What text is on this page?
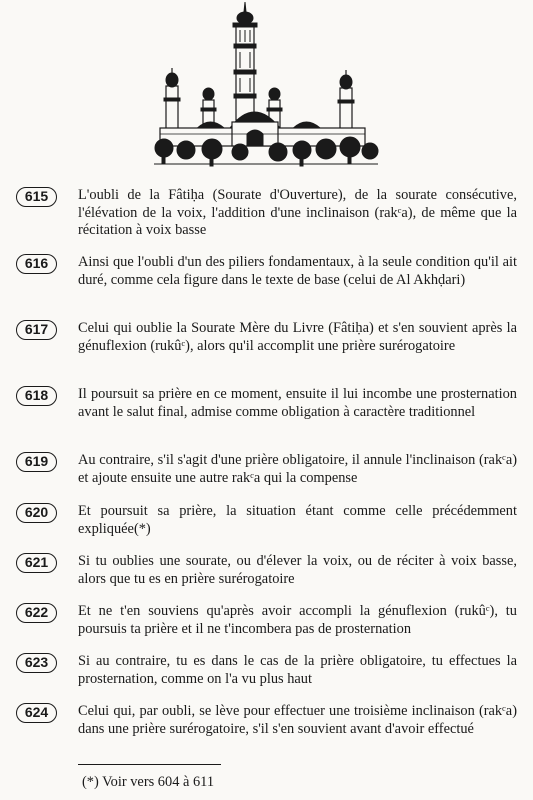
615	L'oubli de la Fâtiḥa (Sourate d'Ouverture), de la sourate consécutive, l'élévation de la voix, l'addition d'une inclinaison (rakᶜa), de même que la récitation à voix basse

616	Ainsi que l'oubli d'un des piliers fondamentaux, à la seule condition qu'il ait duré, comme cela figure dans le texte de base (celui de Al Akhḍari)

617	Celui qui oublie la Sourate Mère du Livre (Fâtiḥa) et s'en souvient après la génuflexion (rukûᶜ), alors qu'il accomplit une prière surérogatoire

618	Il poursuit sa prière en ce moment, ensuite il lui incombe une prosternation avant le salut final, admise comme obligation à caractère traditionnel

619	Au contraire, s'il s'agit d'une prière obligatoire, il annule l'inclinaison (rakᶜa) et ajoute ensuite une autre rakᶜa qui la compense

620	Et poursuit sa prière, la situation étant comme celle précédemment expliquée(*)

621	Si tu oublies une sourate, ou d'élever la voix, ou de réciter à voix basse, alors que tu es en prière surérogatoire

622	Et ne t'en souviens qu'après avoir accompli la génuflexion (rukûᶜ), tu poursuis ta prière et il ne t'incombera pas de prosternation

623	Si au contraire, tu es dans le cas de la prière obligatoire, tu effectues la prosternation, comme on l'a vu plus haut

624	Celui qui, par oubli, se lève pour effectuer une troisième inclinaison (rakᶜa) dans une prière surérogatoire, s'il s'en souvient avant d'avoir effectué

(*) Voir vers 604 à 611
